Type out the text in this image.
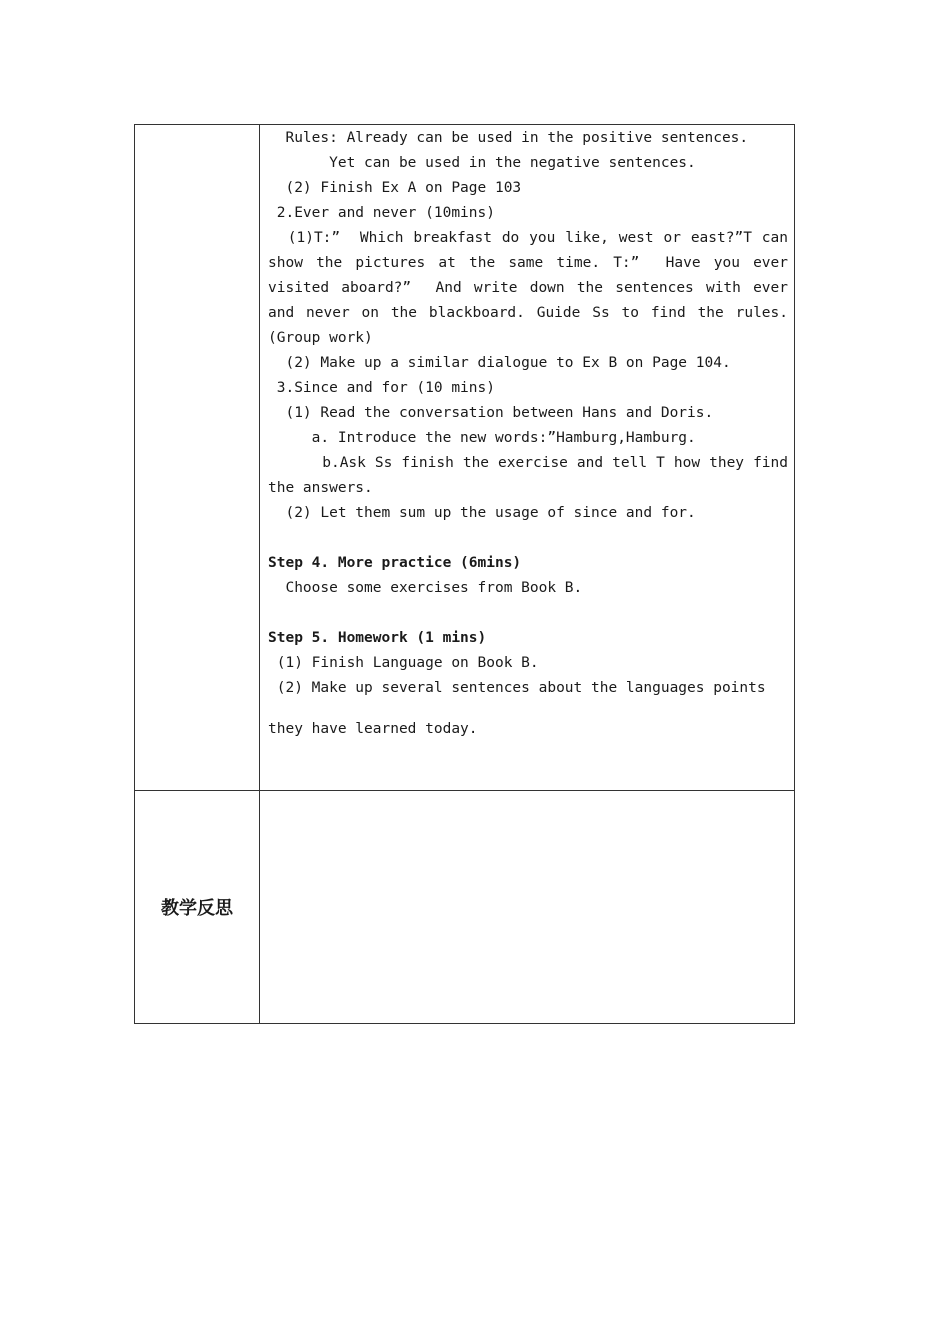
Rules: Already can be used in the positive sentences.
Yet can be used in the negative sentences.
(2) Finish Ex A on Page 103
2.Ever and never (10mins)
(1)T:”  Which breakfast do you like, west or east?”T can show the pictures at the same time. T:”  Have you ever visited aboard?”  And write down the sentences with ever and never on the blackboard. Guide Ss to find the rules.(Group work)
(2) Make up a similar dialogue to Ex B on Page 104.
3.Since and for (10 mins)
(1) Read the conversation between Hans and Doris.
a. Introduce the new words:”Hamburg,Hamburg.
b.Ask Ss finish the exercise and tell T how they find the answers.
(2) Let them sum up the usage of since and for.
Step 4. More practice (6mins)
Choose some exercises from Book B.
Step 5. Homework (1 mins)
(1) Finish Language on Book B.
(2) Make up several sentences about the languages points
they have learned today.
教学反思
